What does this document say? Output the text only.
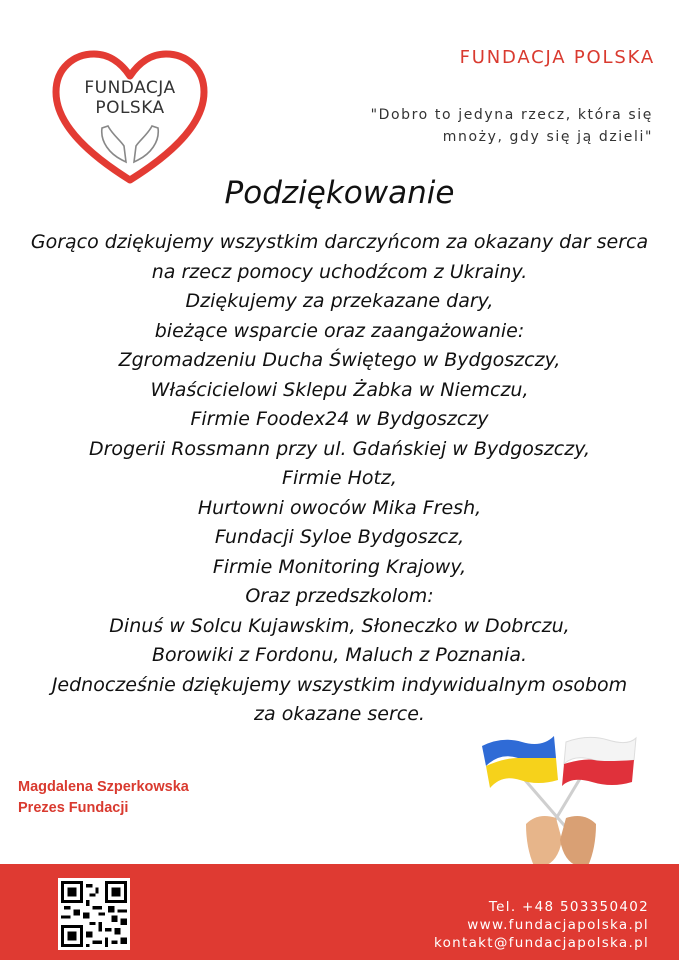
FUNDACJA
POLSKA
FUNDACJA POLSKA
"Dobro to jedyna rzecz, która się
mnoży, gdy się ją dzieli"
Podziękowanie
Gorąco dziękujemy wszystkim darczyńcom za okazany dar serca
na rzecz pomocy uchodźcom z Ukrainy.
Dziękujemy za przekazane dary,
bieżące wsparcie oraz zaangażowanie:
Zgromadzeniu Ducha Świętego w Bydgoszczy,
Właścicielowi Sklepu Żabka w Niemczu,
Firmie Foodex24 w Bydgoszczy
Drogerii Rossmann przy ul. Gdańskiej w Bydgoszczy,
Firmie Hotz,
Hurtowni owoców Mika Fresh,
Fundacji Syloe Bydgoszcz,
Firmie Monitoring Krajowy,
Oraz przedszkolom:
Dinuś w Solcu Kujawskim, Słoneczko w Dobrczu,
Borowiki z Fordonu, Maluch z Poznania.
Jednocześnie dziękujemy wszystkim indywidualnym osobom
za okazane serce.
Magdalena Szperkowska
Prezes Fundacji
Tel. +48 503350402
www.fundacjapolska.pl
kontakt@fundacjapolska.pl
